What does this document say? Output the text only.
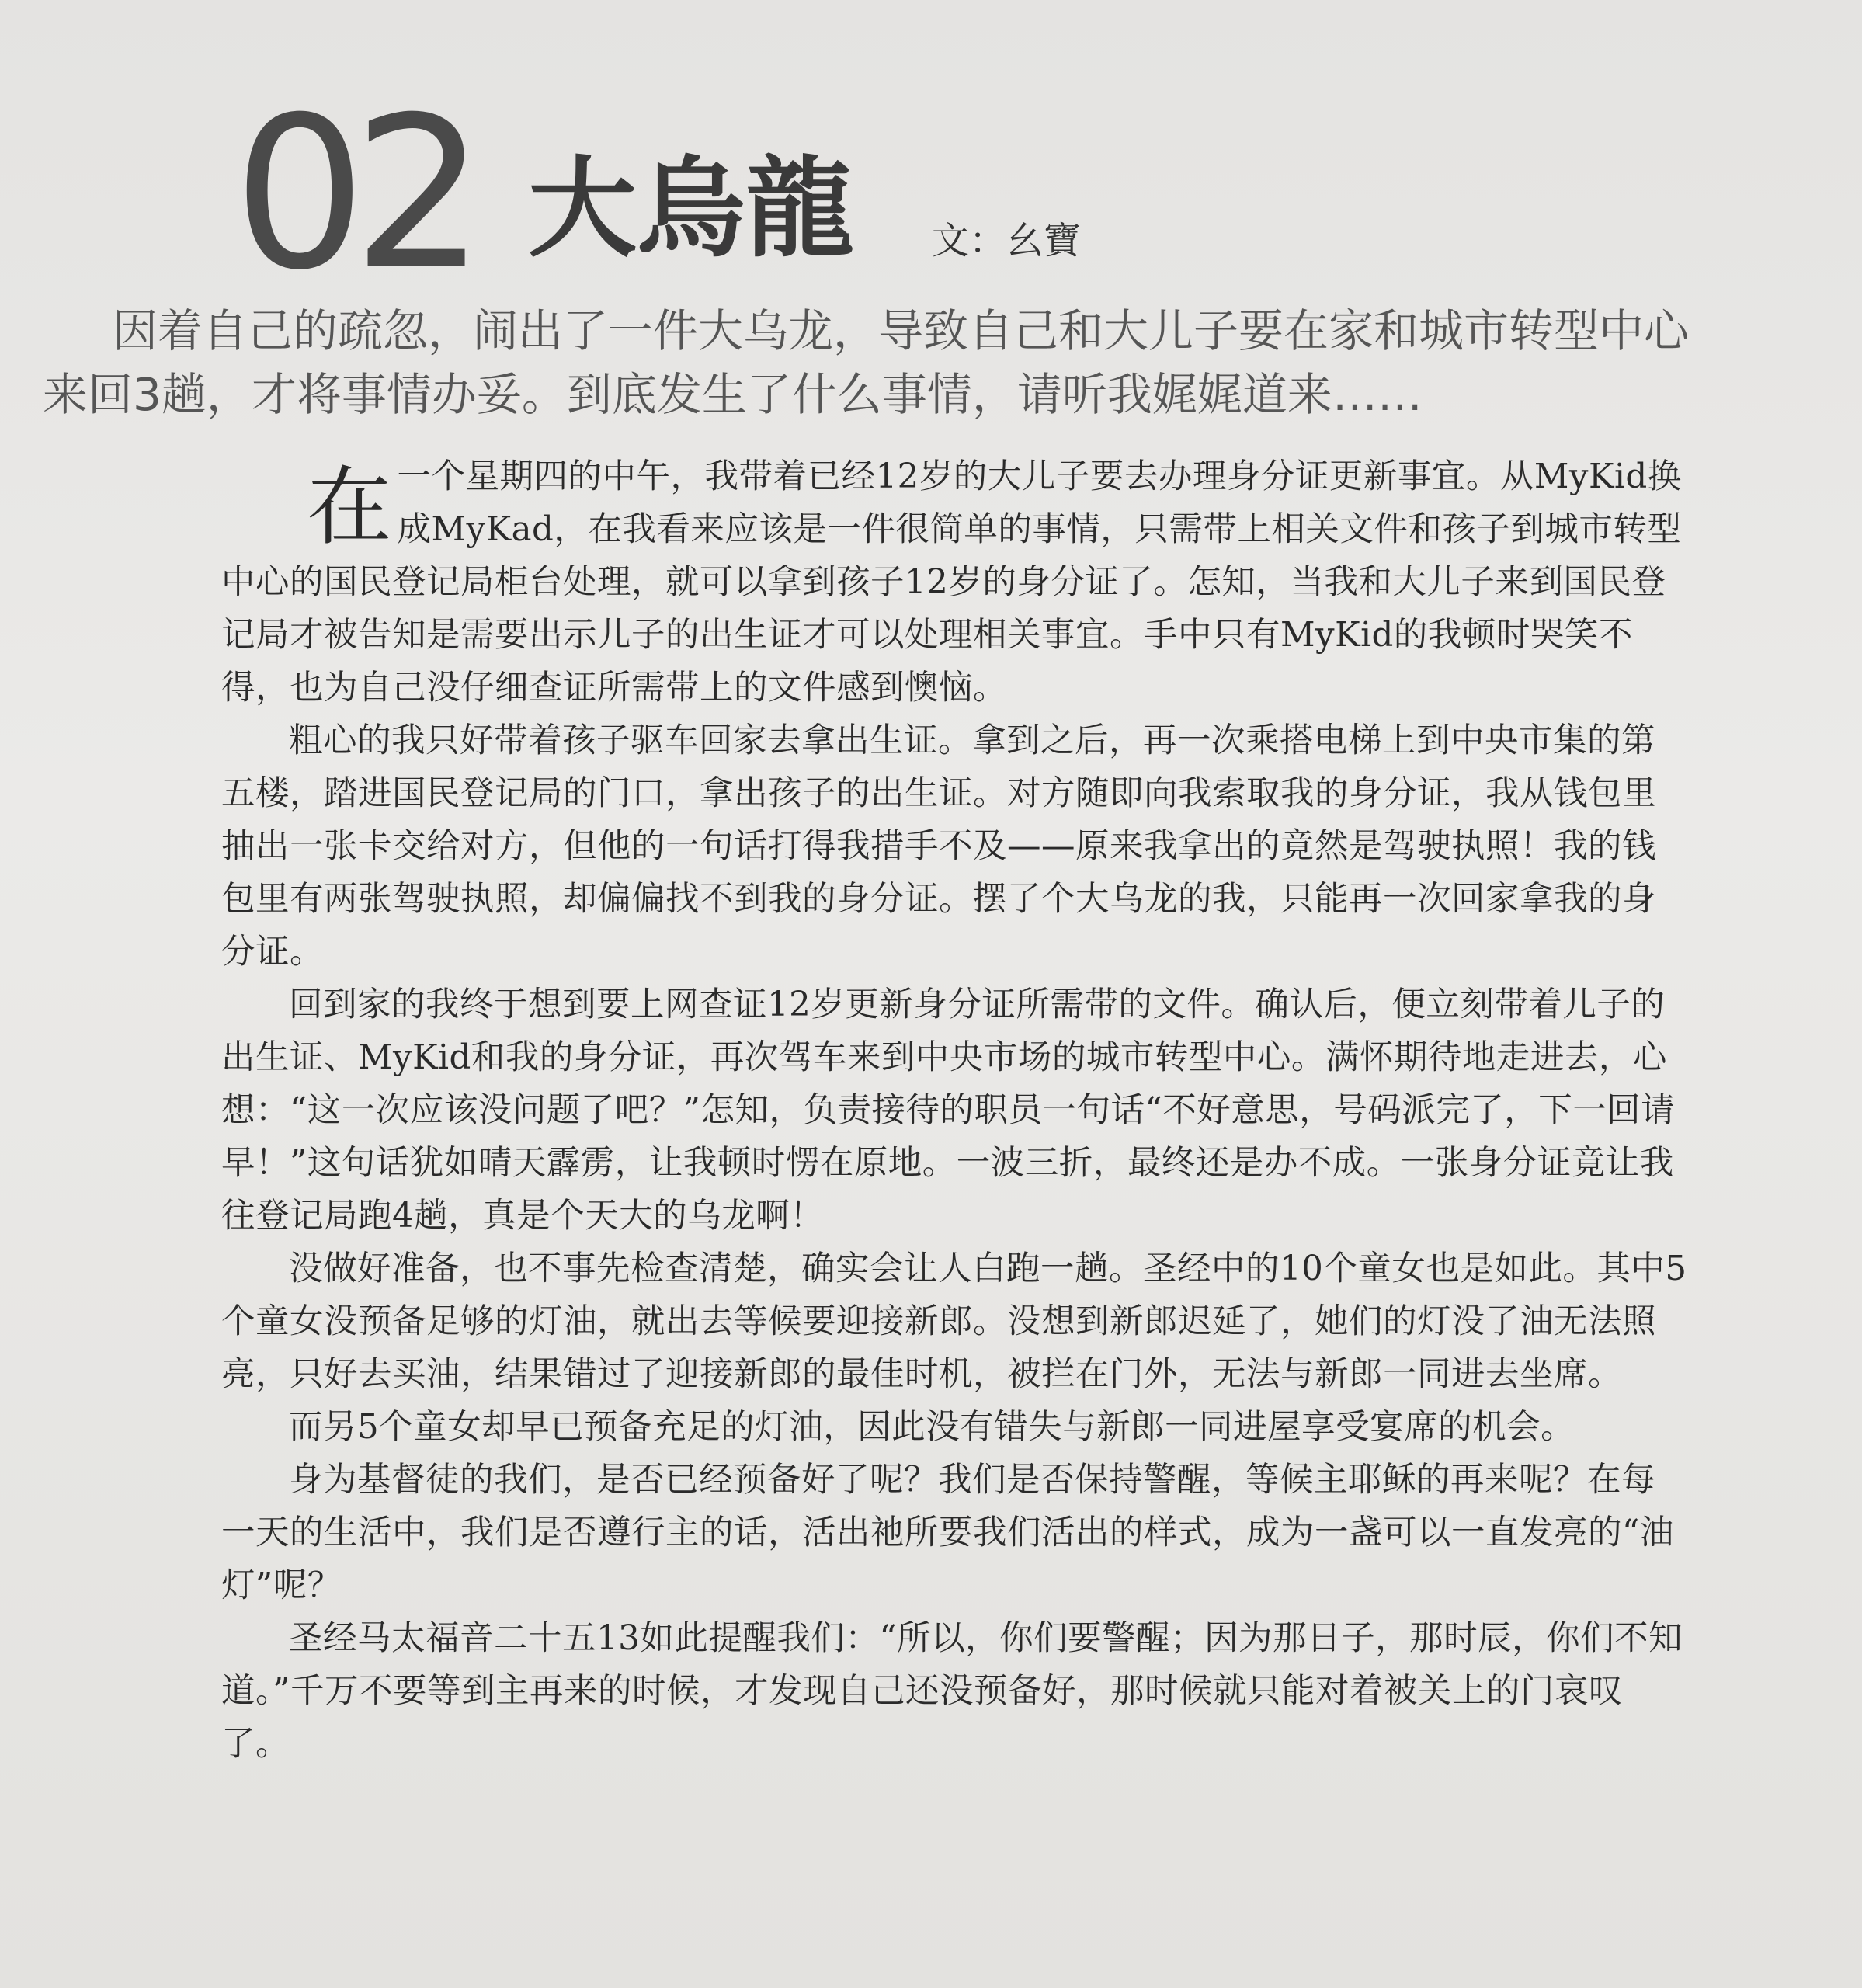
02 大烏龍 文：幺寶
因着自己的疏忽，闹出了一件大乌龙，导致自己和大儿子要在家和城市转型中心来回3趟，才将事情办妥。到底发生了什么事情，请听我娓娓道来……

在一个星期四的中午，我带着已经12岁的大儿子要去办理身分证更新事宜。从MyKid换成MyKad，在我看来应该是一件很简单的事情，只需带上相关文件和孩子到城市转型中心的国民登记局柜台处理，就可以拿到孩子12岁的身分证了。怎知，当我和大儿子来到国民登记局才被告知是需要出示儿子的出生证才可以处理相关事宜。手中只有MyKid的我顿时哭笑不得，也为自己没仔细查证所需带上的文件感到懊恼。

粗心的我只好带着孩子驱车回家去拿出生证。拿到之后，再一次乘搭电梯上到中央市集的第五楼，踏进国民登记局的门口，拿出孩子的出生证。对方随即向我索取我的身分证，我从钱包里抽出一张卡交给对方，但他的一句话打得我措手不及——原来我拿出的竟然是驾驶执照！我的钱包里有两张驾驶执照，却偏偏找不到我的身分证。摆了个大乌龙的我，只能再一次回家拿我的身分证。

回到家的我终于想到要上网查证12岁更新身分证所需带的文件。确认后，便立刻带着儿子的出生证、MyKid和我的身分证，再次驾车来到中央市场的城市转型中心。满怀期待地走进去，心想：“这一次应该没问题了吧？”怎知，负责接待的职员一句话“不好意思，号码派完了，下一回请早！”这句话犹如晴天霹雳，让我顿时愣在原地。一波三折，最终还是办不成。一张身分证竟让我往登记局跑4趟，真是个天大的乌龙啊！

没做好准备，也不事先检查清楚，确实会让人白跑一趟。圣经中的10个童女也是如此。其中5个童女没预备足够的灯油，就出去等候要迎接新郎。没想到新郎迟延了，她们的灯没了油无法照亮，只好去买油，结果错过了迎接新郎的最佳时机，被拦在门外，无法与新郎一同进去坐席。

而另5个童女却早已预备充足的灯油，因此没有错失与新郎一同进屋享受宴席的机会。

身为基督徒的我们，是否已经预备好了呢？我们是否保持警醒，等候主耶稣的再来呢？在每一天的生活中，我们是否遵行主的话，活出祂所要我们活出的样式，成为一盏可以一直发亮的“油灯”呢？

圣经马太福音二十五13如此提醒我们：“所以，你们要警醒；因为那日子，那时辰，你们不知道。”千万不要等到主再来的时候，才发现自己还没预备好，那时候就只能对着被关上的门哀叹了。
